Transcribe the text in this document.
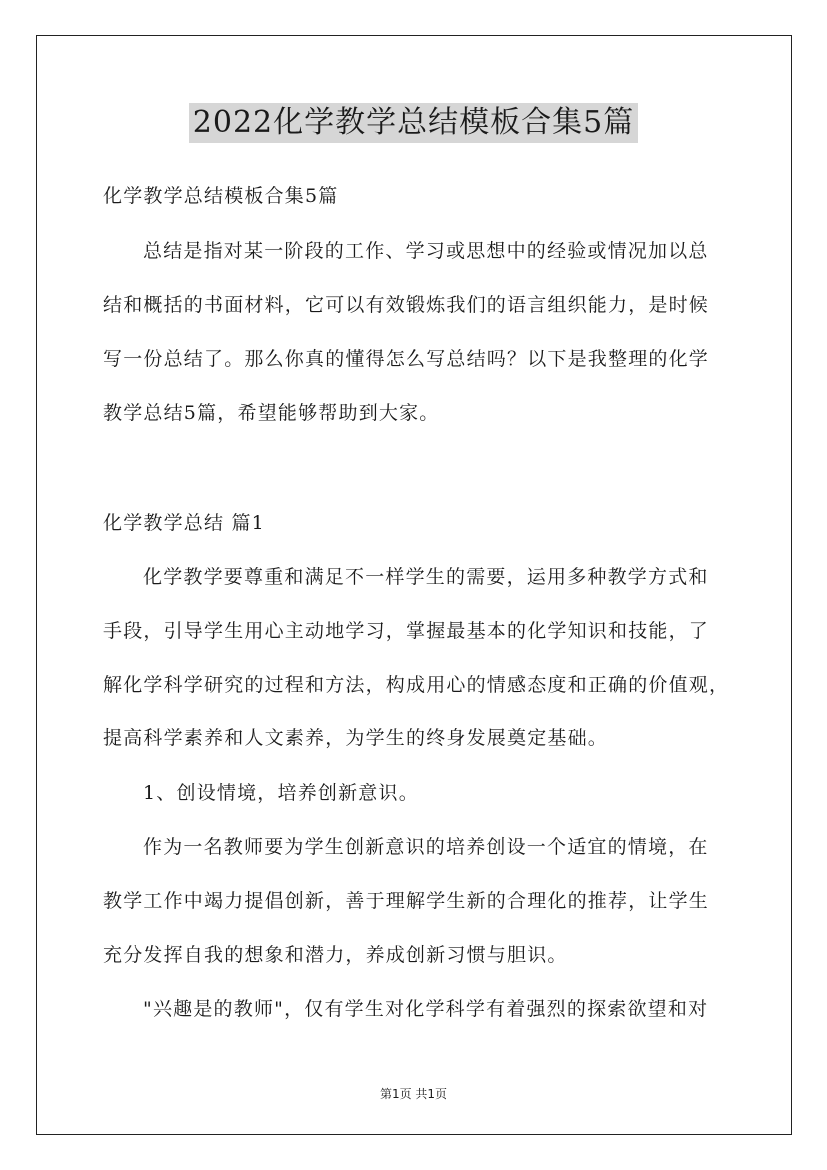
2022化学教学总结模板合集5篇
化学教学总结模板合集5篇
总结是指对某一阶段的工作、学习或思想中的经验或情况加以总
结和概括的书面材料，它可以有效锻炼我们的语言组织能力，是时候
写一份总结了。那么你真的懂得怎么写总结吗？以下是我整理的化学
教学总结5篇，希望能够帮助到大家。
化学教学总结 篇1
化学教学要尊重和满足不一样学生的需要，运用多种教学方式和
手段，引导学生用心主动地学习，掌握最基本的化学知识和技能，了
解化学科学研究的过程和方法，构成用心的情感态度和正确的价值观，
提高科学素养和人文素养，为学生的终身发展奠定基础。
1、创设情境，培养创新意识。
作为一名教师要为学生创新意识的培养创设一个适宜的情境，在
教学工作中竭力提倡创新，善于理解学生新的合理化的推荐，让学生
充分发挥自我的想象和潜力，养成创新习惯与胆识。
"兴趣是的教师"，仅有学生对化学科学有着强烈的探索欲望和对
第1页 共1页
